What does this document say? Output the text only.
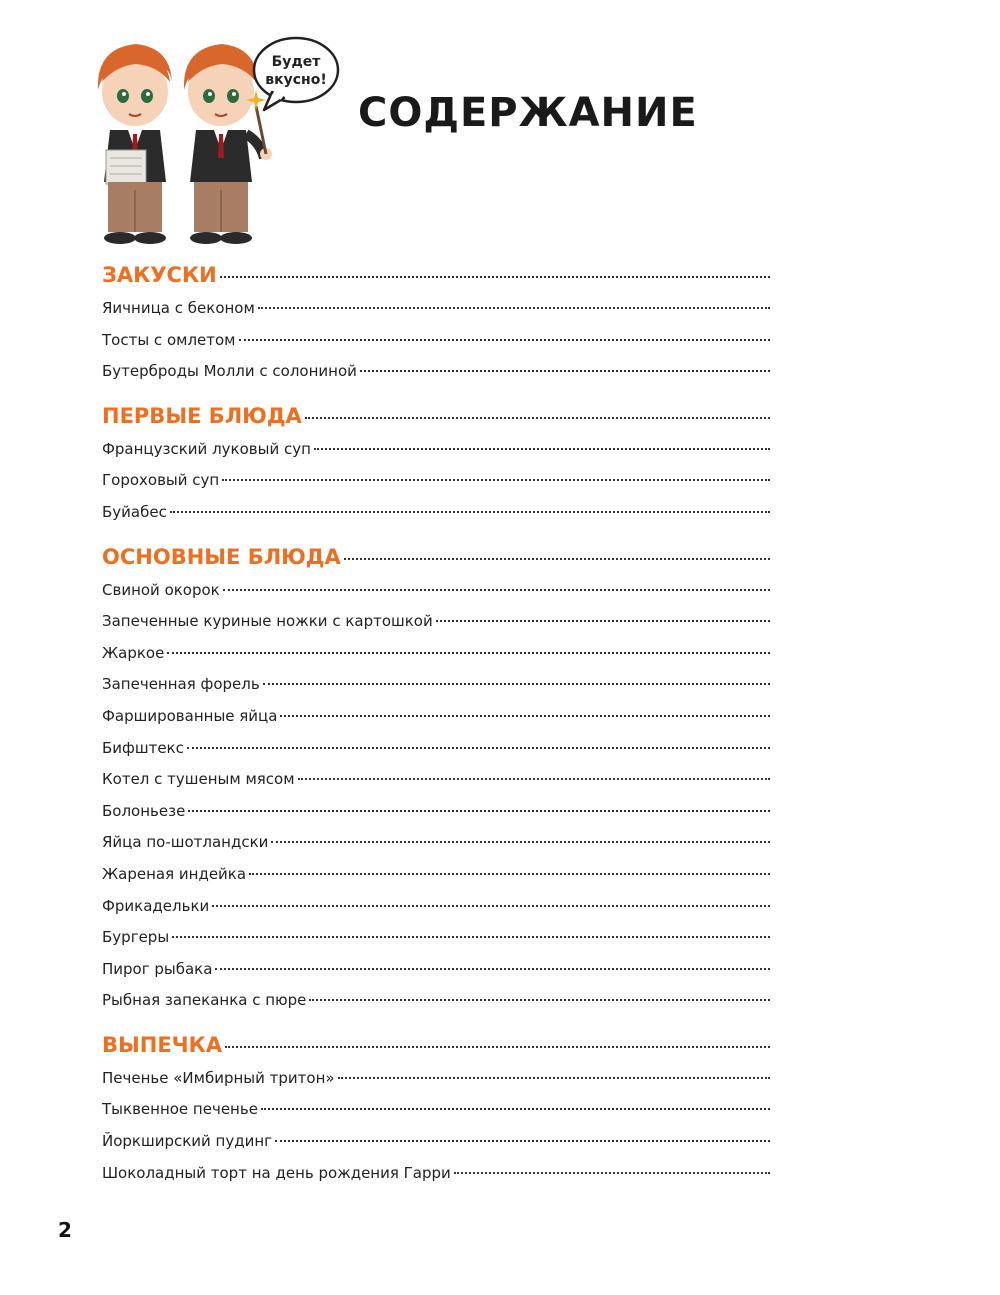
Будет
вкусно!
СОДЕРЖАНИЕ
ЗАКУСКИ
Яичница с беконом
Тосты с омлетом
Бутерброды Молли с солониной
ПЕРВЫЕ БЛЮДА
Французский луковый суп
Гороховый суп
Буйабес
ОСНОВНЫЕ БЛЮДА
Свиной окорок
Запеченные куриные ножки с картошкой
Жаркое
Запеченная форель
Фаршированные яйца
Бифштекс
Котел с тушеным мясом
Болоньезе
Яйца по-шотландски
Жареная индейка
Фрикадельки
Бургеры
Пирог рыбака
Рыбная запеканка с пюре
ВЫПЕЧКА
Печенье «Имбирный тритон»
Тыквенное печенье
Йоркширский пудинг
Шоколадный торт на день рождения Гарри
2
